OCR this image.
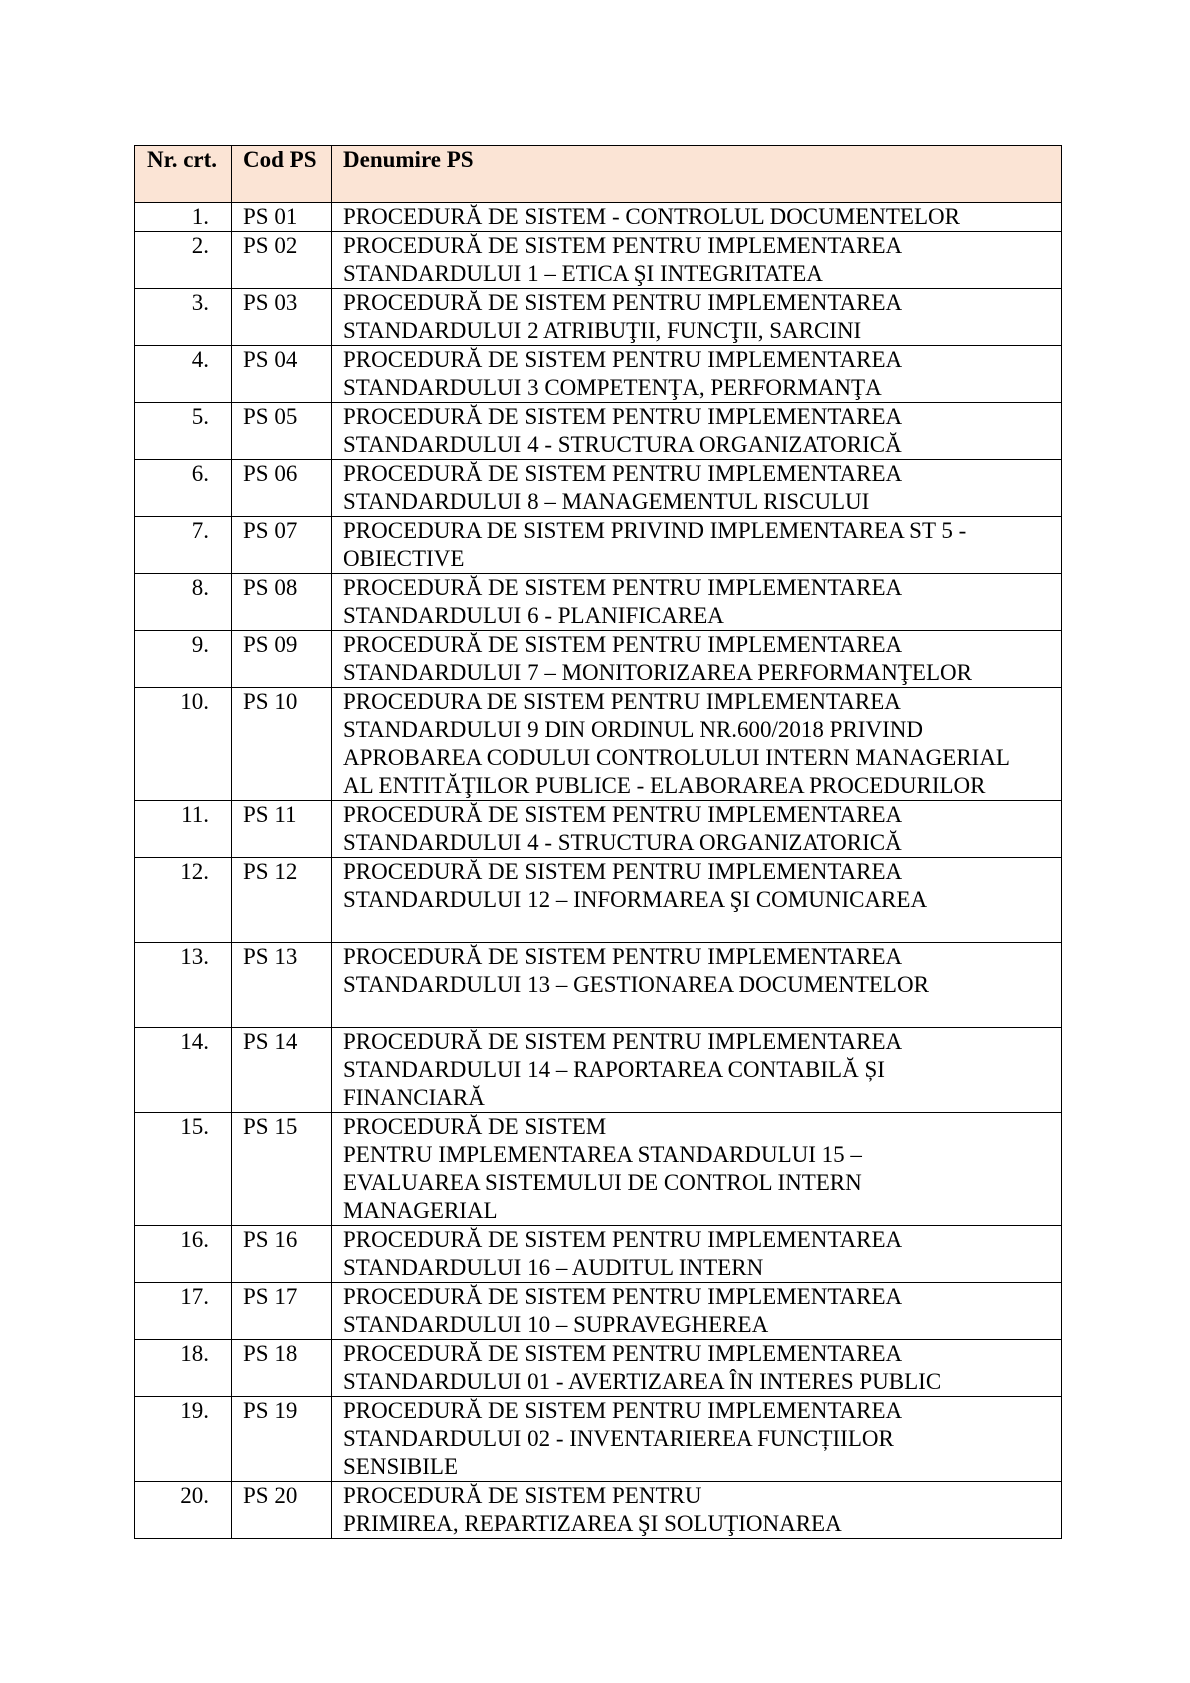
Nr. crt.	Cod PS	Denumire PS
1.	PS 01	PROCEDURĂ DE SISTEM - CONTROLUL DOCUMENTELOR
2.	PS 02	PROCEDURĂ DE SISTEM PENTRU IMPLEMENTAREA
STANDARDULUI 1 – ETICA ŞI INTEGRITATEA
3.	PS 03	PROCEDURĂ DE SISTEM PENTRU IMPLEMENTAREA
STANDARDULUI 2 ATRIBUŢII, FUNCŢII, SARCINI
4.	PS 04	PROCEDURĂ DE SISTEM PENTRU IMPLEMENTAREA
STANDARDULUI 3 COMPETENŢA, PERFORMANŢA
5.	PS 05	PROCEDURĂ DE SISTEM PENTRU IMPLEMENTAREA
STANDARDULUI 4 - STRUCTURA ORGANIZATORICĂ
6.	PS 06	PROCEDURĂ DE SISTEM PENTRU IMPLEMENTAREA
STANDARDULUI 8 – MANAGEMENTUL RISCULUI
7.	PS 07	PROCEDURA DE SISTEM PRIVIND IMPLEMENTAREA ST 5 -
OBIECTIVE
8.	PS 08	PROCEDURĂ DE SISTEM PENTRU IMPLEMENTAREA
STANDARDULUI 6 - PLANIFICAREA
9.	PS 09	PROCEDURĂ DE SISTEM PENTRU IMPLEMENTAREA
STANDARDULUI 7 – MONITORIZAREA PERFORMANŢELOR
10.	PS 10	PROCEDURA DE SISTEM PENTRU IMPLEMENTAREA
STANDARDULUI 9 DIN ORDINUL NR.600/2018 PRIVIND
APROBAREA CODULUI CONTROLULUI INTERN MANAGERIAL
AL ENTITĂŢILOR PUBLICE - ELABORAREA PROCEDURILOR
11.	PS 11	PROCEDURĂ DE SISTEM PENTRU IMPLEMENTAREA
STANDARDULUI 4 - STRUCTURA ORGANIZATORICĂ
12.	PS 12	PROCEDURĂ DE SISTEM PENTRU IMPLEMENTAREA
STANDARDULUI 12 – INFORMAREA ŞI COMUNICAREA
13.	PS 13	PROCEDURĂ DE SISTEM PENTRU IMPLEMENTAREA
STANDARDULUI 13 – GESTIONAREA DOCUMENTELOR
14.	PS 14	PROCEDURĂ DE SISTEM PENTRU IMPLEMENTAREA
STANDARDULUI 14 – RAPORTAREA CONTABILĂ ȘI
FINANCIARĂ
15.	PS 15	PROCEDURĂ DE SISTEM
PENTRU IMPLEMENTAREA STANDARDULUI 15 –
EVALUAREA SISTEMULUI DE CONTROL INTERN
MANAGERIAL
16.	PS 16	PROCEDURĂ DE SISTEM PENTRU IMPLEMENTAREA
STANDARDULUI 16 – AUDITUL INTERN
17.	PS 17	PROCEDURĂ DE SISTEM PENTRU IMPLEMENTAREA
STANDARDULUI 10 – SUPRAVEGHEREA
18.	PS 18	PROCEDURĂ DE SISTEM PENTRU IMPLEMENTAREA
STANDARDULUI 01 - AVERTIZAREA ÎN INTERES PUBLIC
19.	PS 19	PROCEDURĂ DE SISTEM PENTRU IMPLEMENTAREA
STANDARDULUI 02 - INVENTARIEREA FUNCȚIILOR
SENSIBILE
20.	PS 20	PROCEDURĂ DE SISTEM PENTRU
PRIMIREA, REPARTIZAREA ŞI SOLUŢIONAREA
